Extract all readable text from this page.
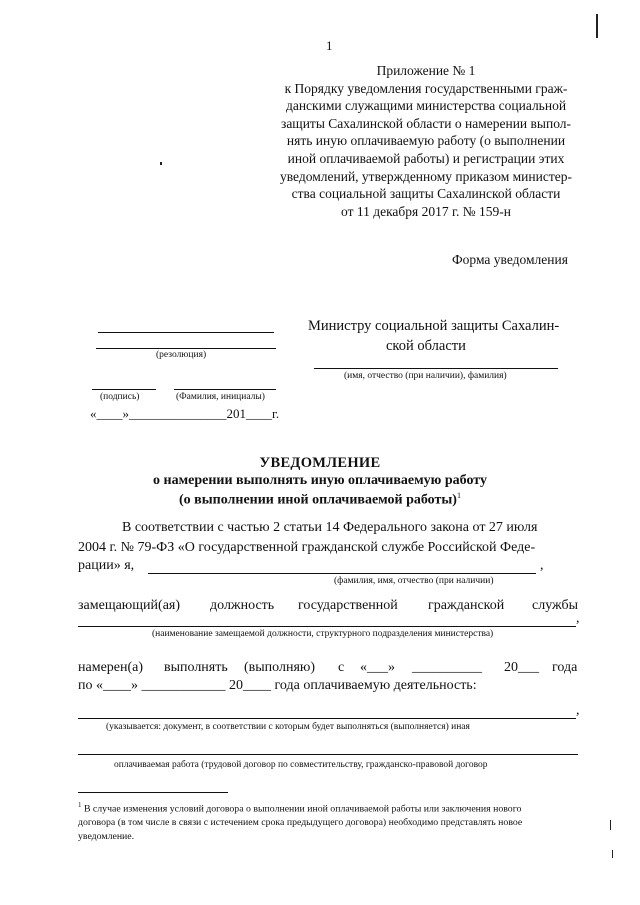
1
Приложение № 1
к Порядку уведомления государственными граж-
данскими служащими министерства социальной
защиты Сахалинской области о намерении выпол-
нять иную оплачиваемую работу (о выполнении
иной оплачиваемой работы) и регистрации этих
уведомлений, утвержденному приказом министер-
ства социальной защиты Сахалинской области
от 11 декабря 2017 г. № 159-н
Форма уведомления
(резолюция)
(подпись)	(Фамилия, инициалы)
«____»_______________201____г.
Министру социальной защиты Сахалин-
ской области
(имя, отчество (при наличии), фамилия)
УВЕДОМЛЕНИЕ
о намерении выполнять иную оплачиваемую работу
(о выполнении иной оплачиваемой работы)$^1$
В соответствии с частью 2 статьи 14 Федерального закона от 27 июля
2004 г. № 79-ФЗ «О государственной гражданской службе Российской Феде-
рации» я,	,
(фамилия, имя, отчество (при наличии)
замещающий(ая) должность государственной гражданской службы
,
(наименование замещаемой должности, структурного подразделения министерства)
намерен(а) выполнять (выполняю) с «___» __________ 20___ года
по «____» ____________ 20____ года оплачиваемую деятельность:
,
(указывается: документ, в соответствии с которым будет выполняться (выполняется) иная
оплачиваемая работа (трудовой договор по совместительству, гражданско-правовой договор
$^1$ В случае изменения условий договора о выполнении иной оплачиваемой работы или заключения нового
договора (в том числе в связи с истечением срока предыдущего договора) необходимо представлять новое
уведомление.
